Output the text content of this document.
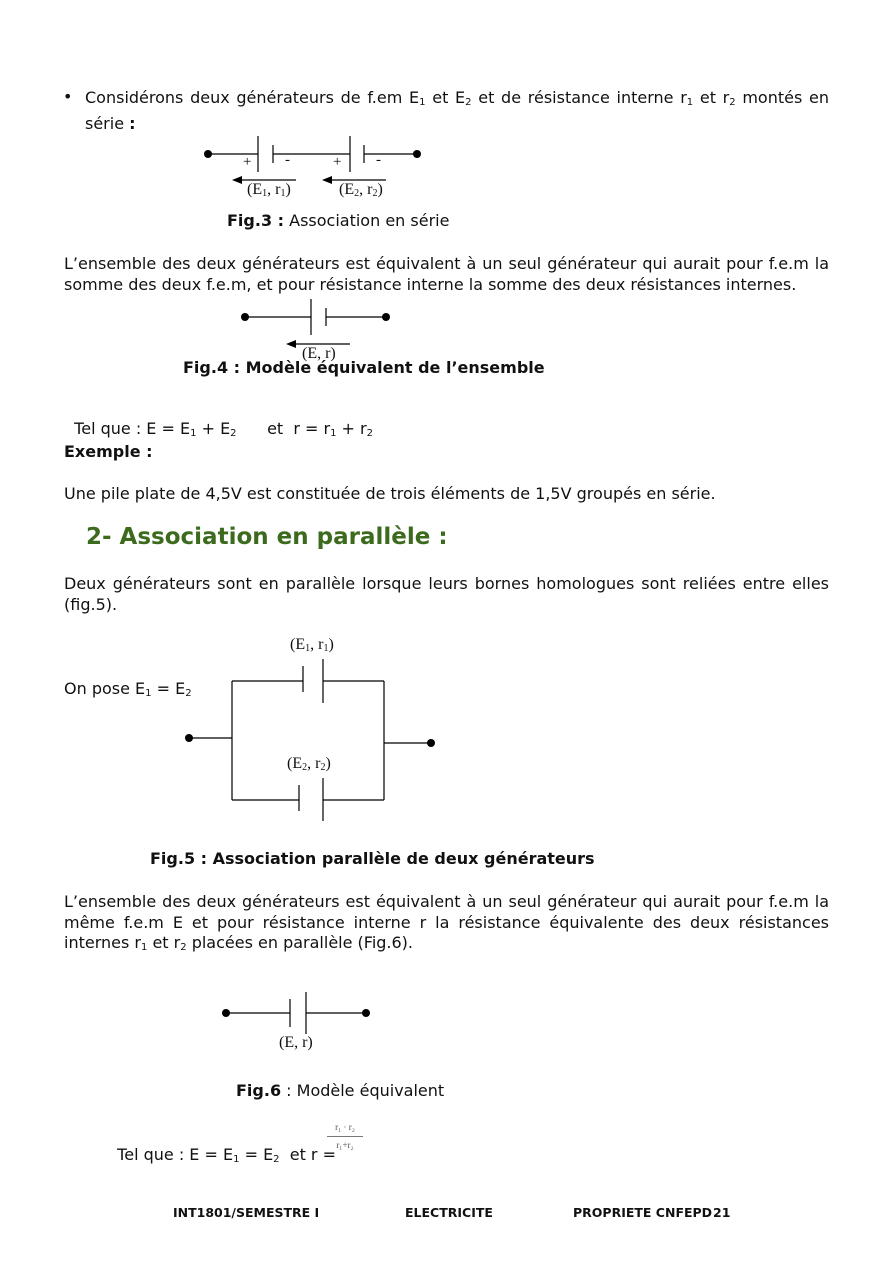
• Considérons deux générateurs de f.em $E_1$ et $E_2$ et de résistance interne $r_1$ et $r_2$ montés en série :
+ -	+ -
($E_1$, $r_1$)	($E_2$, $r_2$)
Fig.3 : Association en série
L’ensemble des deux générateurs est équivalent à un seul générateur qui aurait pour f.e.m la somme des deux f.e.m, et pour résistance interne la somme des deux résistances internes.
(E, r)
Fig.4 : Modèle équivalent de l’ensemble

Tel que : $E = E_1 + E_2$      et  $r = r_1 + r_2$

Exemple :
Une pile plate de 4,5V est constituée de trois éléments de 1,5V groupés en série.
2- Association en parallèle :
Deux générateurs sont en parallèle lorsque leurs bornes homologues sont reliées entre elles (fig.5).
On pose $E_1 = E_2$
($E_1$, $r_1$)
($E_2$, $r_2$)
Fig.5 : Association parallèle de deux générateurs
L’ensemble des deux générateurs est équivalent à un seul générateur qui aurait pour f.e.m la même f.e.m E et pour résistance interne r la résistance équivalente des deux résistances internes $r_1$ et $r_2$ placées en parallèle (Fig.6).
(E, r)
Fig.6 : Modèle équivalent

Tel que : $E = E_1 = E_2$  et r =

r₁ · r₂
r₁+r₂
INT1801/SEMESTRE I	ELECTRICITE	PROPRIETE CNFEPD 21
